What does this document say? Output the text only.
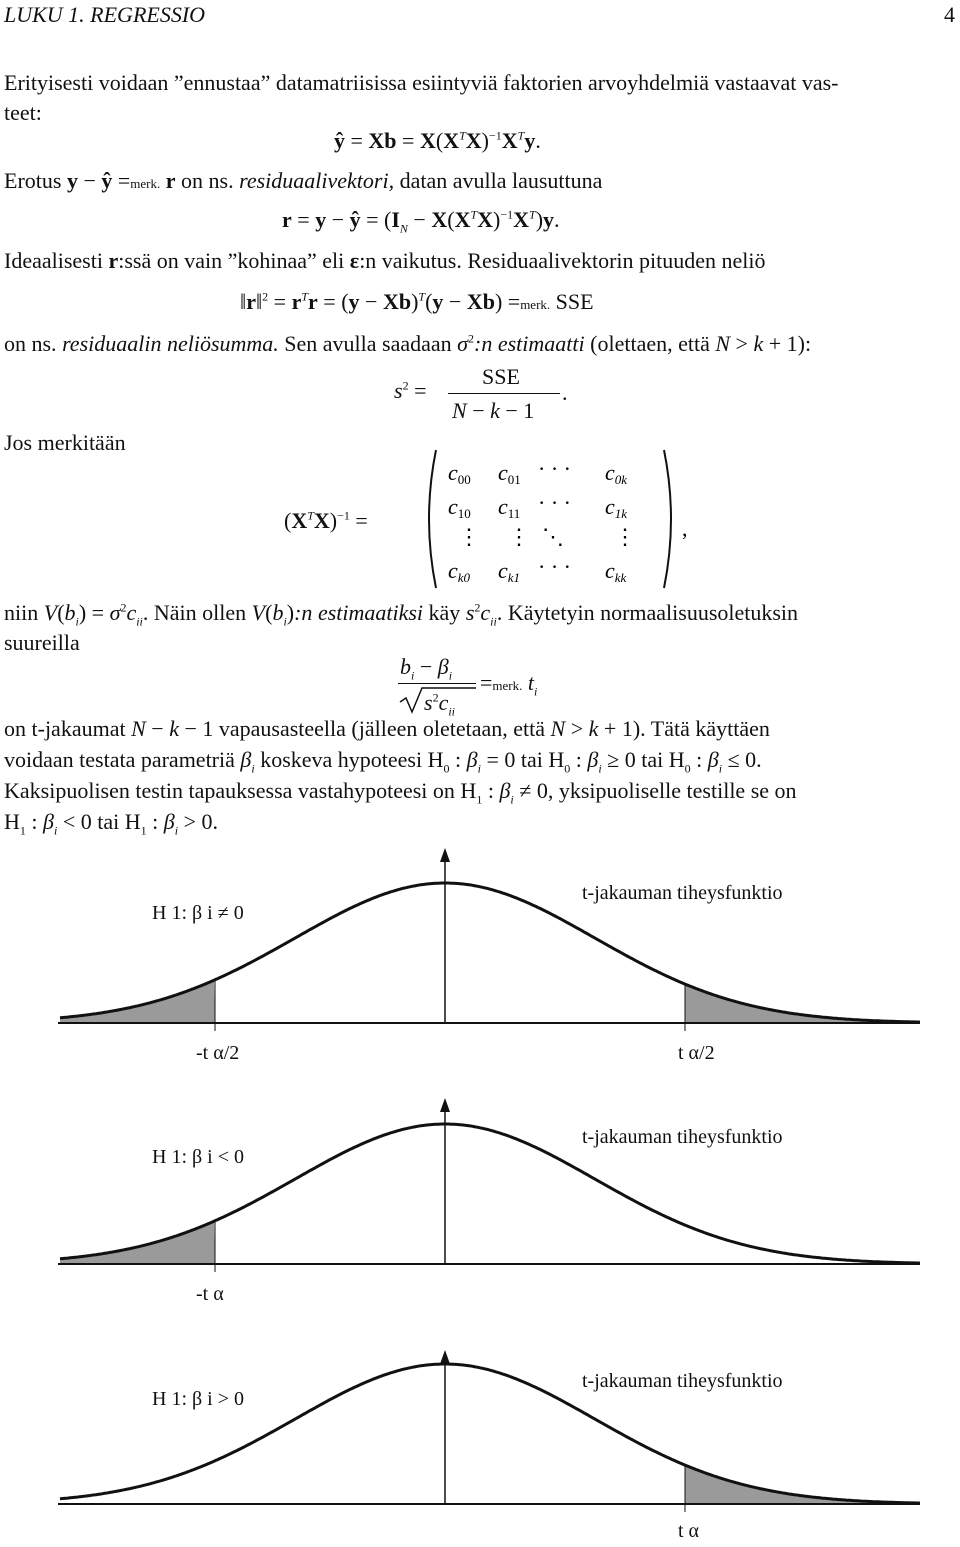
LUKU 1. REGRESSIO	4
Erityisesti voidaan ”ennustaa” datamatriisissa esiintyviä faktorien arvoyhdelmiä vastaavat vas-
teet:
ŷ = $Xb = X(X^TX)^{-1}X^Ty$.
Erotus y − ŷ =merk. r on ns. residuaalivektori, datan avulla lausuttuna
r = y − ŷ = $(I_N - X(X^TX)^{-1}X^T)y$.
Ideaalisesti r:ssä on vain ”kohinaa” eli ε:n vaikutus. Residuaalivektorin pituuden neliö
‖r‖$^2$ = $r^Tr = (y - Xb)^T(y - Xb)$ =merk. SSE
on ns. residuaalin neliösumma. Sen avulla saadaan $\sigma^2:n$ estimaatti (olettaen, että N > k + 1):
$s^2$ =
SSE
N − k − 1
.
Jos merkitään
$(X^TX)^{-1}$ =
c00 c01 · · · c0k
c10 c11 · · · c1k
⋮ ⋮ ⋱ ⋮
ck0 ck1 · · · ckk
,
niin $V(b_i) = \sigma^2c_{ii}$. Näin ollen $V(b_i):n$ estimaatiksi käy $s^2c_{ii}$. Käytetyin normaalisuusoletuksin
suureilla
$b_i - \beta_i$
$s^2c_{ii}$
=merk. $t_i$
on t-jakaumat N − k − 1 vapausasteella (jälleen oletetaan, että N > k + 1). Tätä käyttäen
voidaan testata parametriä $\beta_i$ koskeva hypoteesi $H_0$ : $\beta_i = 0$ tai $H_0$ : $\beta_i \ge 0$ tai $H_0$ : $\beta_i \le 0$.
Kaksipuolisen testin tapauksessa vastahypoteesi on $H_1$ : $\beta_i \ne 0$, yksipuoliselle testille se on
$H_1$ : $\beta_i < 0$ tai $H_1$ : $\beta_i > 0$.
H 1: β i ≠ 0
t-jakauman tiheysfunktio
-t α/2	t α/2
H 1: β i < 0
t-jakauman tiheysfunktio
-t α
H 1: β i > 0
t-jakauman tiheysfunktio
t α
